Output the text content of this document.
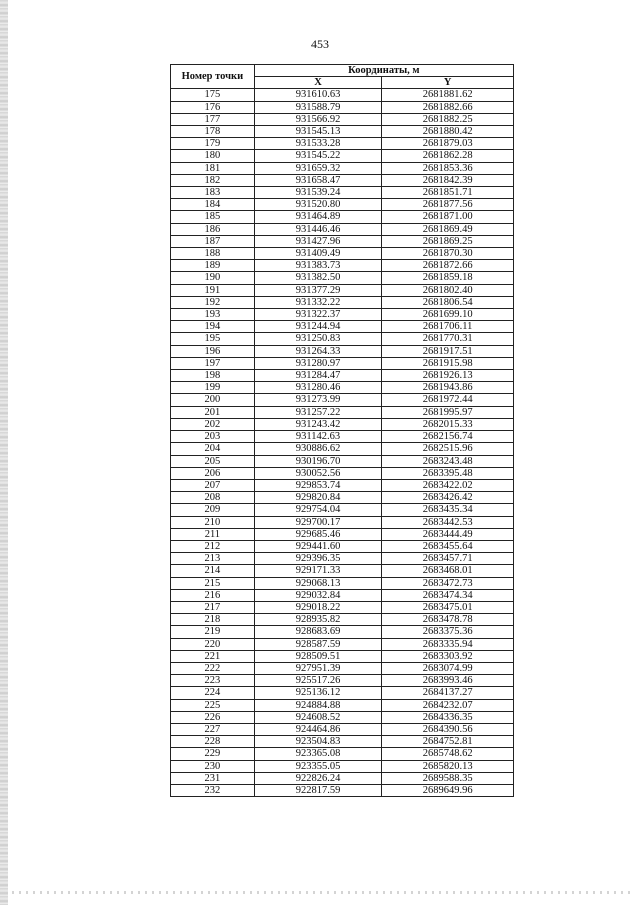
453
Номер точки	Координаты, м	
	X	Y
175	931610.63	2681881.62
176	931588.79	2681882.66
177	931566.92	2681882.25
178	931545.13	2681880.42
179	931533.28	2681879.03
180	931545.22	2681862.28
181	931659.32	2681853.36
182	931658.47	2681842.39
183	931539.24	2681851.71
184	931520.80	2681877.56
185	931464.89	2681871.00
186	931446.46	2681869.49
187	931427.96	2681869.25
188	931409.49	2681870.30
189	931383.73	2681872.66
190	931382.50	2681859.18
191	931377.29	2681802.40
192	931332.22	2681806.54
193	931322.37	2681699.10
194	931244.94	2681706.11
195	931250.83	2681770.31
196	931264.33	2681917.51
197	931280.97	2681915.98
198	931284.47	2681926.13
199	931280.46	2681943.86
200	931273.99	2681972.44
201	931257.22	2681995.97
202	931243.42	2682015.33
203	931142.63	2682156.74
204	930886.62	2682515.96
205	930196.70	2683243.48
206	930052.56	2683395.48
207	929853.74	2683422.02
208	929820.84	2683426.42
209	929754.04	2683435.34
210	929700.17	2683442.53
211	929685.46	2683444.49
212	929441.60	2683455.64
213	929396.35	2683457.71
214	929171.33	2683468.01
215	929068.13	2683472.73
216	929032.84	2683474.34
217	929018.22	2683475.01
218	928935.82	2683478.78
219	928683.69	2683375.36
220	928587.59	2683335.94
221	928509.51	2683303.92
222	927951.39	2683074.99
223	925517.26	2683993.46
224	925136.12	2684137.27
225	924884.88	2684232.07
226	924608.52	2684336.35
227	924464.86	2684390.56
228	923504.83	2684752.81
229	923365.08	2685748.62
230	923355.05	2685820.13
231	922826.24	2689588.35
232	922817.59	2689649.96
